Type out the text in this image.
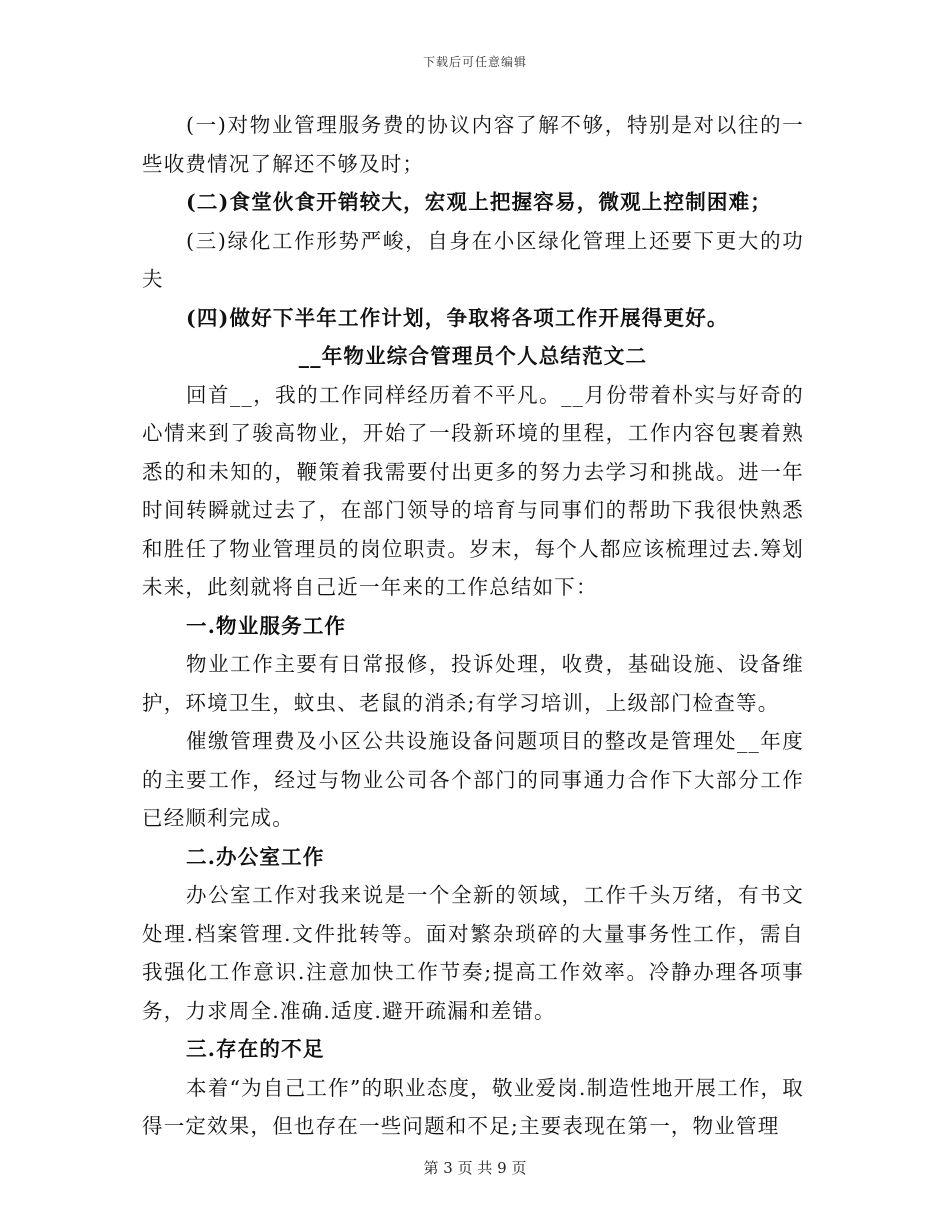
下载后可任意编辑

(一)对物业管理服务费的协议内容了解不够，特别是对以往的一些收费情况了解还不够及时；

(二)食堂伙食开销较大，宏观上把握容易，微观上控制困难；

(三)绿化工作形势严峻，自身在小区绿化管理上还要下更大的功夫

(四)做好下半年工作计划，争取将各项工作开展得更好。

__年物业综合管理员个人总结范文二

回首__，我的工作同样经历着不平凡。__月份带着朴实与好奇的心情来到了骏高物业，开始了一段新环境的里程，工作内容包裹着熟悉的和未知的，鞭策着我需要付出更多的努力去学习和挑战。进一年时间转瞬就过去了，在部门领导的培育与同事们的帮助下我很快熟悉和胜任了物业管理员的岗位职责。岁末，每个人都应该梳理过去.筹划未来，此刻就将自己近一年来的工作总结如下：

一.物业服务工作

物业工作主要有日常报修，投诉处理，收费，基础设施、设备维护，环境卫生，蚊虫、老鼠的消杀;有学习培训，上级部门检查等。

催缴管理费及小区公共设施设备问题项目的整改是管理处__年度的主要工作，经过与物业公司各个部门的同事通力合作下大部分工作已经顺利完成。

二.办公室工作

办公室工作对我来说是一个全新的领域，工作千头万绪，有书文处理.档案管理.文件批转等。面对繁杂琐碎的大量事务性工作，需自我强化工作意识.注意加快工作节奏;提高工作效率。冷静办理各项事务，力求周全.准确.适度.避开疏漏和差错。

三.存在的不足

本着“为自己工作”的职业态度，敬业爱岗.制造性地开展工作，取得一定效果，但也存在一些问题和不足;主要表现在第一，物业管理

第 3 页 共 9 页
